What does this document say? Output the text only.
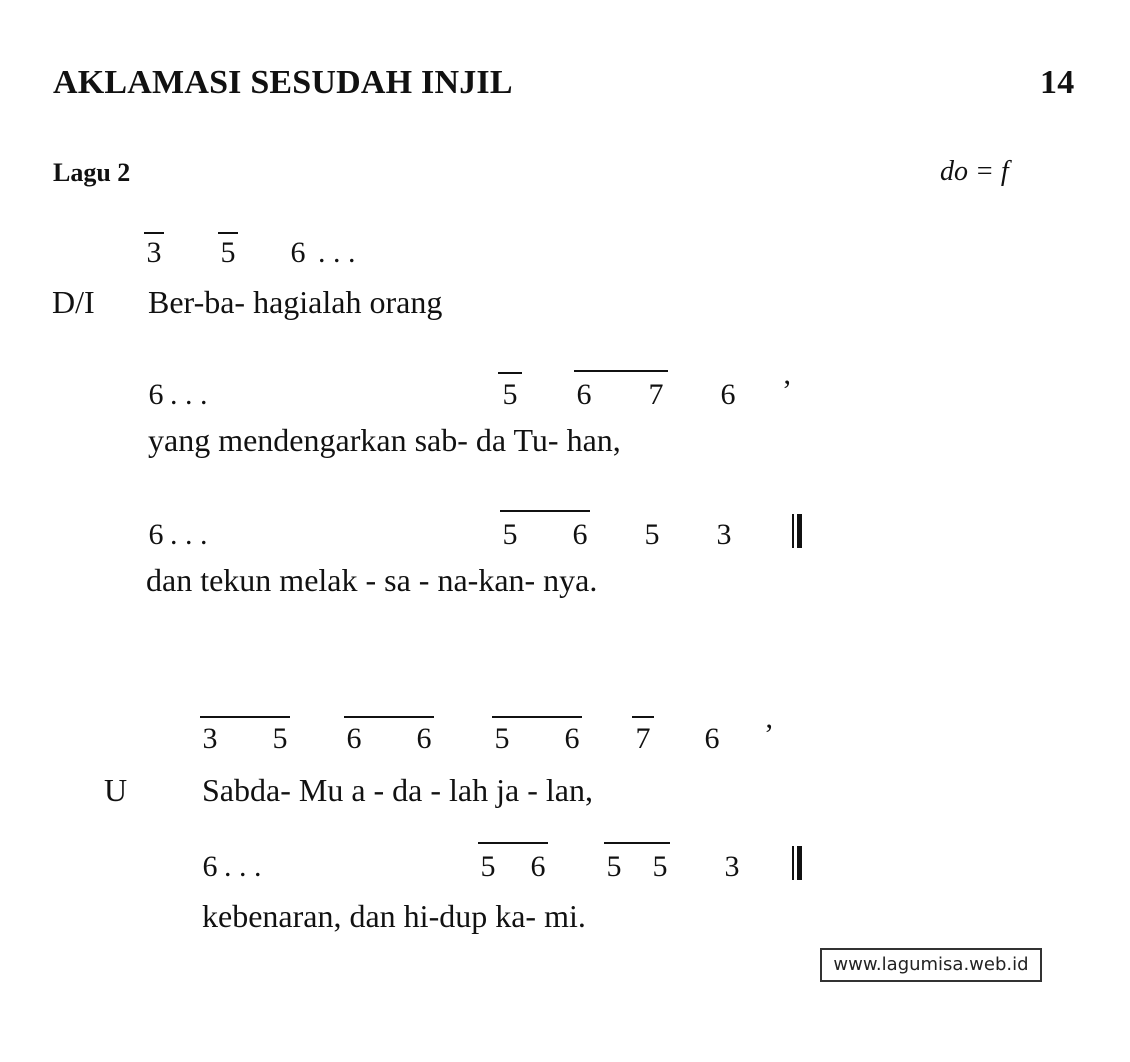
AKLAMASI SESUDAH INJIL	14
Lagu 2	do = f
3 5 6 . . .
D/I Ber-ba- hagialah orang
6 . . .	5 6 7 6 ’
yang mendengarkan sab- da Tu- han,
6 . . .	5 6 5 3
dan tekun melak - sa - na-kan- nya.
3 5 6 6 5 6 7 6 ’
U Sabda- Mu a - da - lah ja - lan,
6 . . .	5 6 5 5 3
kebenaran, dan hi-dup ka- mi.
www.lagumisa.web.id
